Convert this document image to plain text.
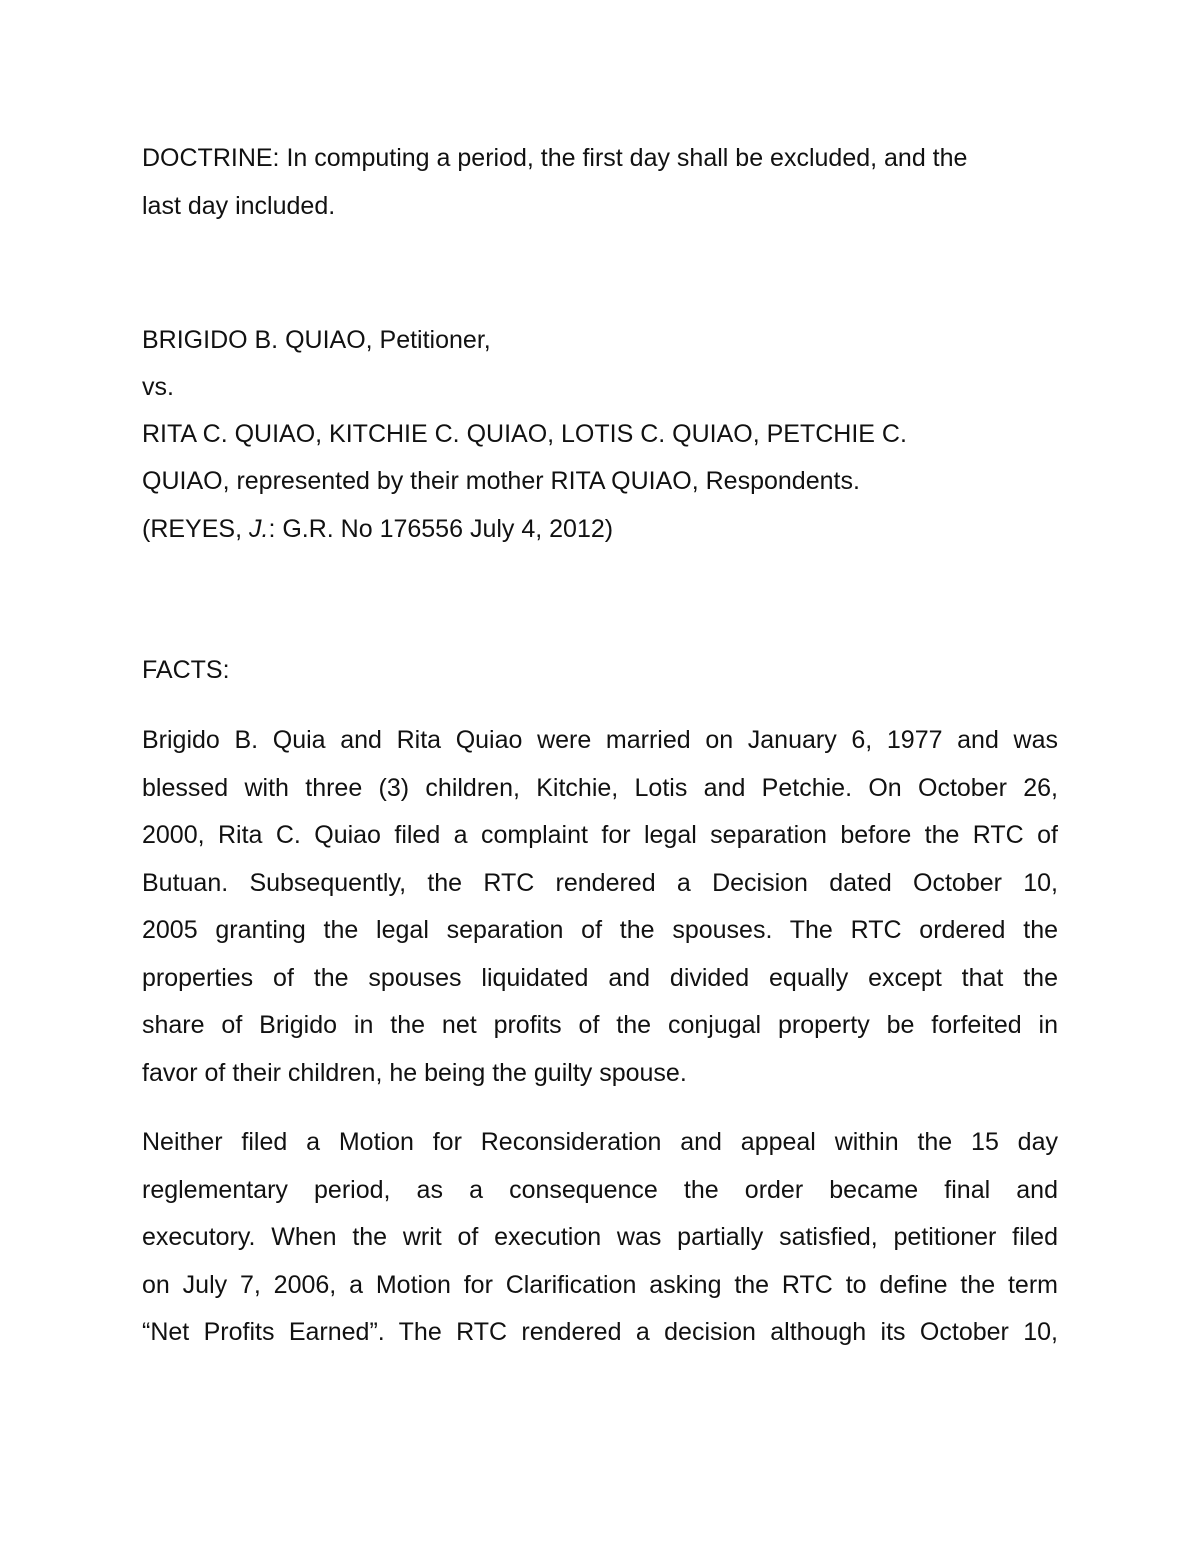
DOCTRINE: In computing a period, the first day shall be excluded, and the
last day included.
BRIGIDO B. QUIAO, Petitioner,
vs.
RITA C. QUIAO, KITCHIE C. QUIAO, LOTIS C. QUIAO, PETCHIE C.
QUIAO, represented by their mother RITA QUIAO, Respondents.
(REYES, J.: G.R. No 176556 July 4, 2012)
FACTS:
Brigido B. Quia and Rita Quiao were married on January 6, 1977 and was
blessed with three (3) children, Kitchie, Lotis and Petchie. On October 26,
2000, Rita C. Quiao filed a complaint for legal separation before the RTC of
Butuan. Subsequently, the RTC rendered a Decision dated October 10,
2005 granting the legal separation of the spouses. The RTC ordered the
properties of the spouses liquidated and divided equally except that the
share of Brigido in the net profits of the conjugal property be forfeited in
favor of their children, he being the guilty spouse.
Neither filed a Motion for Reconsideration and appeal within the 15 day
reglementary period, as a consequence the order became final and
executory. When the writ of execution was partially satisfied, petitioner filed
on July 7, 2006, a Motion for Clarification asking the RTC to define the term
“Net Profits Earned”. The RTC rendered a decision although its October 10,
